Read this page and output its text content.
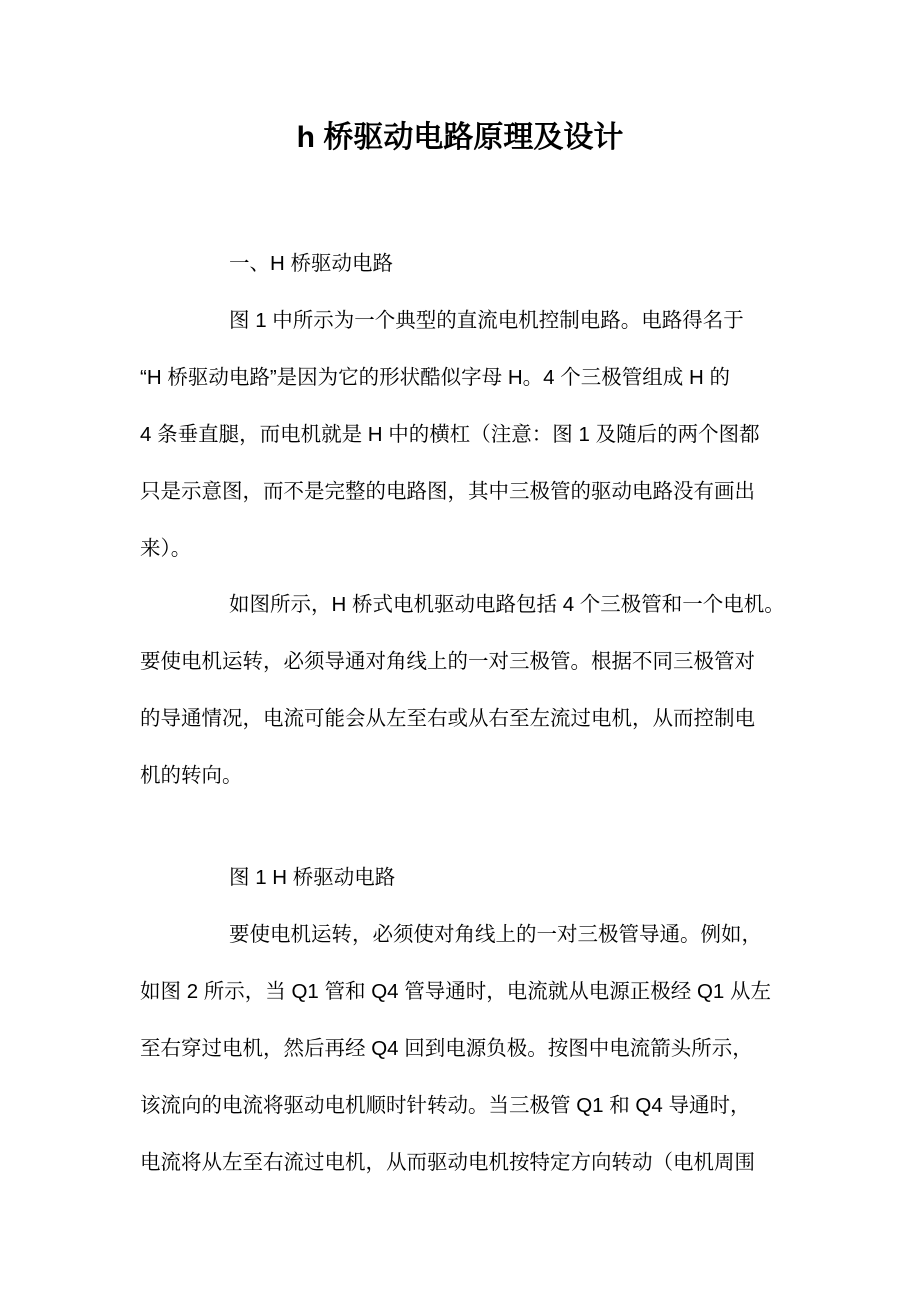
h 桥驱动电路原理及设计
一、H 桥驱动电路
图 1 中所示为一个典型的直流电机控制电路。电路得名于
“H 桥驱动电路”是因为它的形状酷似字母 H。4 个三极管组成 H 的
4 条垂直腿，而电机就是 H 中的横杠（注意：图 1 及随后的两个图都
只是示意图，而不是完整的电路图，其中三极管的驱动电路没有画出
来）。
如图所示，H 桥式电机驱动电路包括 4 个三极管和一个电机。
要使电机运转，必须导通对角线上的一对三极管。根据不同三极管对
的导通情况，电流可能会从左至右或从右至左流过电机，从而控制电
机的转向。
图 1 H 桥驱动电路
要使电机运转，必须使对角线上的一对三极管导通。例如，
如图 2 所示，当 Q1 管和 Q4 管导通时，电流就从电源正极经 Q1 从左
至右穿过电机，然后再经 Q4 回到电源负极。按图中电流箭头所示，
该流向的电流将驱动电机顺时针转动。当三极管 Q1 和 Q4 导通时，
电流将从左至右流过电机，从而驱动电机按特定方向转动（电机周围
